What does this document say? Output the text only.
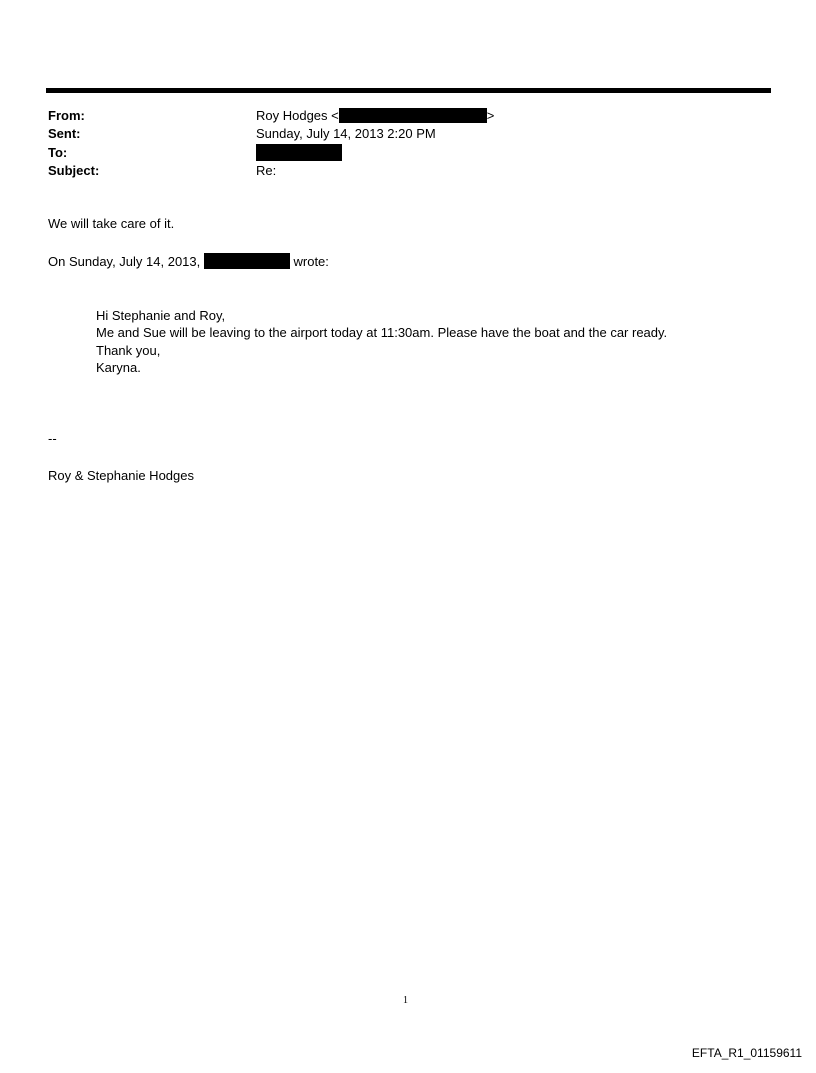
From:	Roy Hodges <	>
Sent:	Sunday, July 14, 2013 2:20 PM
To:
Subject:	Re:
We will take care of it.
On Sunday, July 14, 2013,	wrote:
Hi Stephanie and Roy,
Me and Sue will be leaving to the airport today at 11:30am. Please have the boat and the car ready.
Thank you,
Karyna.
--
Roy & Stephanie Hodges
1
EFTA_R1_01159611
